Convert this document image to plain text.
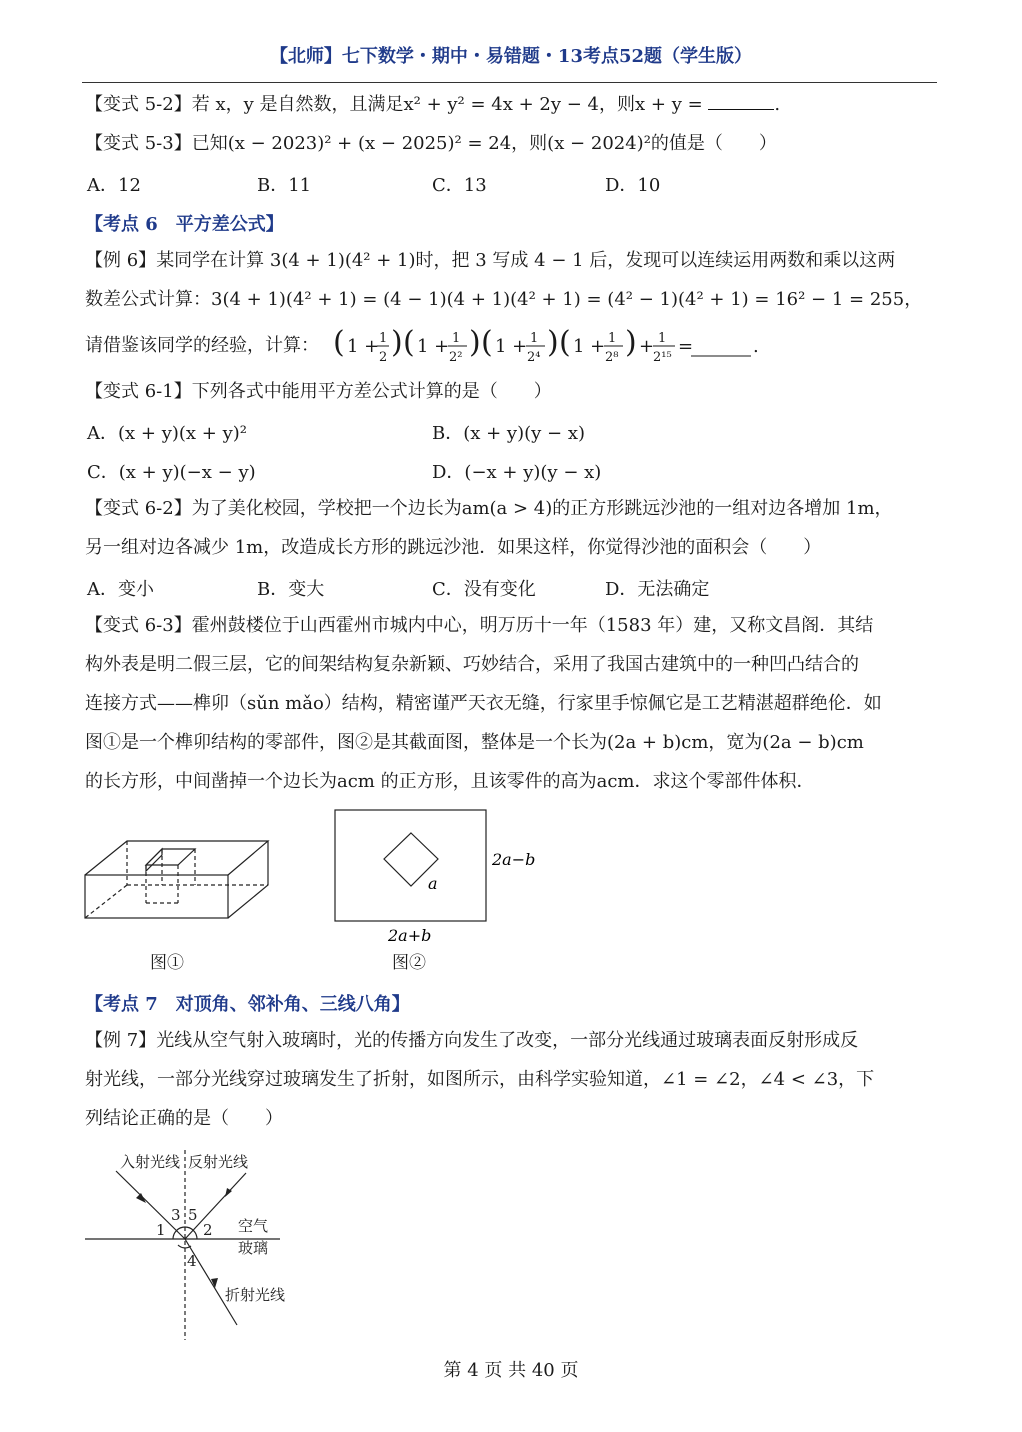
【北师】七下数学・期中・易错题・13考点52题（学生版）
【变式 5-2】若 x，y 是自然数，且满足x² + y² = 4x + 2y − 4，则x + y =	.
【变式 5-3】已知(x − 2023)² + (x − 2025)² = 24，则(x − 2024)²的值是（　　）
A．12	B．11	C．13	D．10
【考点 6　平方差公式】
【例 6】某同学在计算 3(4 + 1)(4² + 1)时，把 3 写成 4 − 1 后，发现可以连续运用两数和乘以这两
数差公式计算：3(4 + 1)(4² + 1) = (4 − 1)(4 + 1)(4² + 1) = (4² − 1)(4² + 1) = 16² − 1 = 255，
请借鉴该同学的经验，计算： ( 1 + 1
2 ) ( 1 + 1
2² ) ( 1 + 1
2⁴ ) ( 1 + 1
2⁸ ) + 1
2¹⁵
=	.
【变式 6-1】下列各式中能用平方差公式计算的是（　　）
A．(x + y)(x + y)²	B．(x + y)(y − x)
C．(x + y)(−x − y)	D．(−x + y)(y − x)
【变式 6-2】为了美化校园，学校把一个边长为am(a > 4)的正方形跳远沙池的一组对边各增加 1m，
另一组对边各减少 1m，改造成长方形的跳远沙池．如果这样，你觉得沙池的面积会（　　）
A．变小	B．变大	C．没有变化	D．无法确定
【变式 6-3】霍州鼓楼位于山西霍州市城内中心，明万历十一年（1583 年）建，又称文昌阁．其结
构外表是明二假三层，它的间架结构复杂新颖、巧妙结合，采用了我国古建筑中的一种凹凸结合的
连接方式——榫卯（sǔn mǎo）结构，精密谨严天衣无缝，行家里手惊佩它是工艺精湛超群绝伦．如
图①是一个榫卯结构的零部件，图②是其截面图，整体是一个长为(2a + b)cm，宽为(2a − b)cm
的长方形，中间凿掉一个边长为acm 的正方形，且该零件的高为acm．求这个零部件体积．
图①
a
2a−b
2a+b
图②
【考点 7　对顶角、邻补角、三线八角】
【例 7】光线从空气射入玻璃时，光的传播方向发生了改变，一部分光线通过玻璃表面反射形成反
射光线，一部分光线穿过玻璃发生了折射，如图所示，由科学实验知道，∠1 = ∠2，∠4 < ∠3，下
列结论正确的是（　　）
入射光线 反射光线
空气
玻璃
折射光线
1 2
3
4
5
第 4 页 共 40 页
